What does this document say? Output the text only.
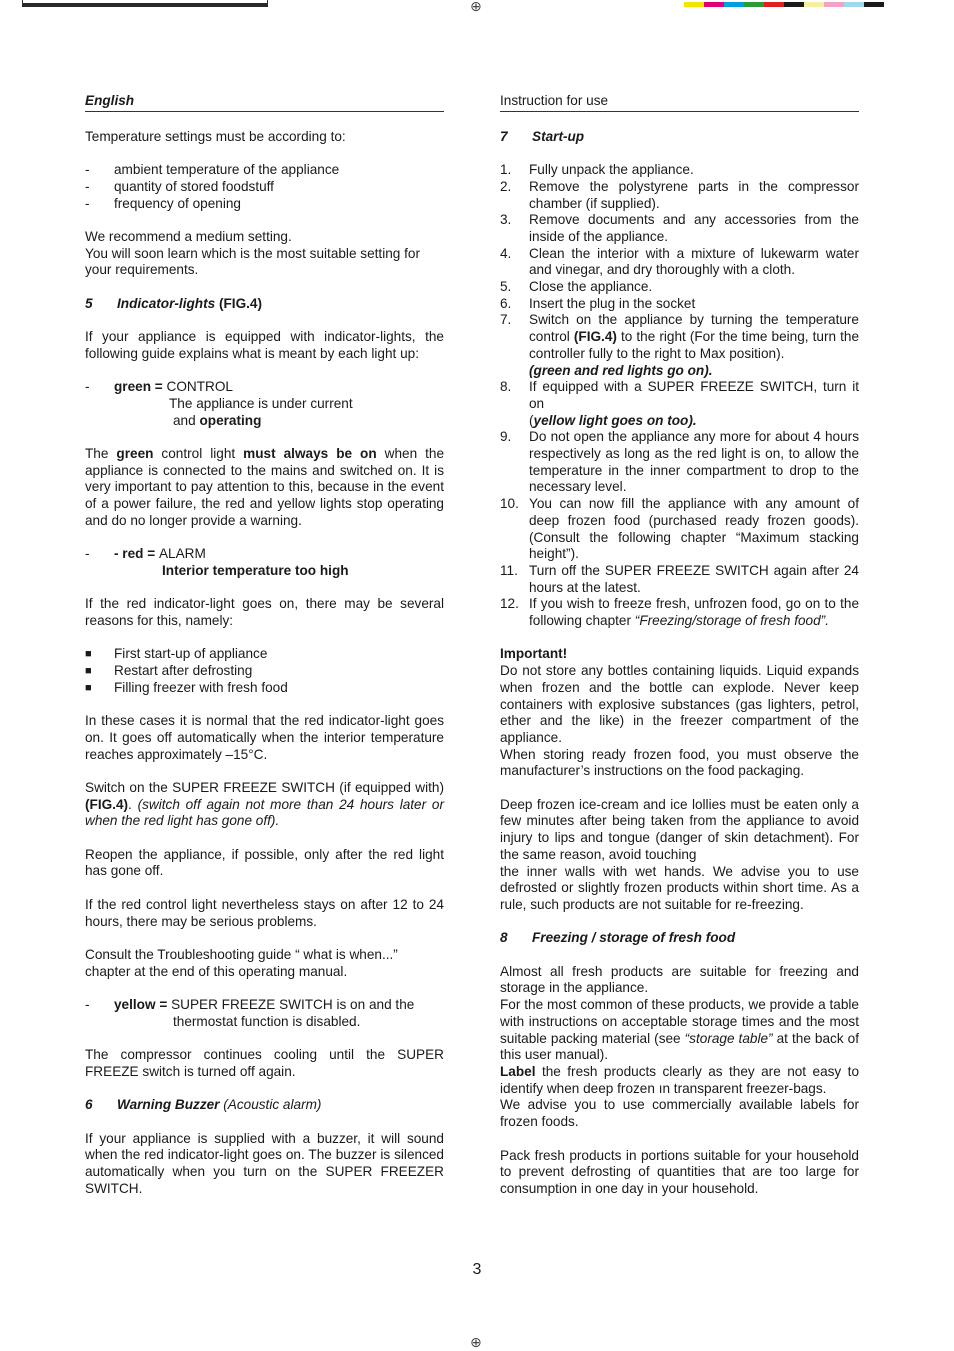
⊕
⊕
English

Temperature settings must be according to:

- ambient temperature of the appliance
- quantity of stored foodstuff
- frequency of opening

We recommend a medium setting.
You will soon learn which is the most suitable setting for your requirements.

5 Indicator-lights (FIG.4)

If your appliance is equipped with indicator-lights, the following guide explains what is meant by each light up:

- green = CONTROL
The appliance is under current
and operating

The green control light must always be on when the appliance is connected to the mains and switched on. It is very important to pay attention to this, because in the event of a power failure, the red and yellow lights stop operating and do no longer provide a warning.

- - red = ALARM
Interior temperature too high

If the red indicator-light goes on, there may be several reasons for this, namely:

■ First start-up of appliance
■ Restart after defrosting
■ Filling freezer with fresh food

In these cases it is normal that the red indicator-light goes on. It goes off automatically when the interior temperature reaches approximately –15°C.

Switch on the SUPER FREEZE SWITCH (if equipped with) (FIG.4). (switch off again not more than 24 hours later or when the red light has gone off).

Reopen the appliance, if possible, only after the red light has gone off.

If the red control light nevertheless stays on after 12 to 24 hours, there may be serious problems.

Consult the Troubleshooting guide “ what is when...” chapter at the end of this operating manual.

- yellow = SUPER FREEZE SWITCH is on and the
thermostat function is disabled.

The compressor continues cooling until the SUPER FREEZE switch is turned off again.

6 Warning Buzzer (Acoustic alarm)

If your appliance is supplied with a buzzer, it will sound when the red indicator-light goes on. The buzzer is silenced automatically when you turn on the SUPER FREEZER SWITCH.

Instruction for use
7 Start-up
1. Fully unpack the appliance.
2. Remove the polystyrene parts in the compressor chamber (if supplied).
3. Remove documents and any accessories from the inside of the appliance.
4. Clean the interior with a mixture of lukewarm water and vinegar, and dry thoroughly with a cloth.
5. Close the appliance.
6. Insert the plug in the socket
7. Switch on the appliance by turning the temperature control (FIG.4) to the right (For the time being, turn the controller fully to the right to Max position).
(green and red lights go on).
8. If equipped with a SUPER FREEZE SWITCH, turn it on
(yellow light goes on too).
9. Do not open the appliance any more for about 4 hours respectively as long as the red light is on, to allow the temperature in the inner compartment to drop to the necessary level.
10. You can now fill the appliance with any amount of deep frozen food (purchased ready frozen goods). (Consult the following chapter “Maximum stacking height”).
11. Turn off the SUPER FREEZE SWITCH again after 24 hours at the latest.
12. If you wish to freeze fresh, unfrozen food, go on to the following chapter “Freezing/storage of fresh food”.
Important!

Do not store any bottles containing liquids. Liquid expands when frozen and the bottle can explode. Never keep containers with explosive substances (gas lighters, petrol, ether and the like) in the freezer compartment of the appliance.

When storing ready frozen food, you must observe the manufacturer’s instructions on the food packaging.

Deep frozen ice-cream and ice lollies must be eaten only a few minutes after being taken from the appliance to avoid injury to lips and tongue (danger of skin detachment). For the same reason, avoid touching
the inner walls with wet hands. We advise you to use defrosted or slightly frozen products within short time. As a rule, such products are not suitable for re-freezing.

8 Freezing / storage of fresh food

Almost all fresh products are suitable for freezing and storage in the appliance.

For the most common of these products, we provide a table with instructions on acceptable storage times and the most suitable packing material (see “storage table” at the back of this user manual).

Label the fresh products clearly as they are not easy to identify when deep frozen ın transparent freezer-bags.

We advise you to use commercially available labels for frozen foods.

Pack fresh products in portions suitable for your household to prevent defrosting of quantities that are too large for consumption in one day in your household.

3
